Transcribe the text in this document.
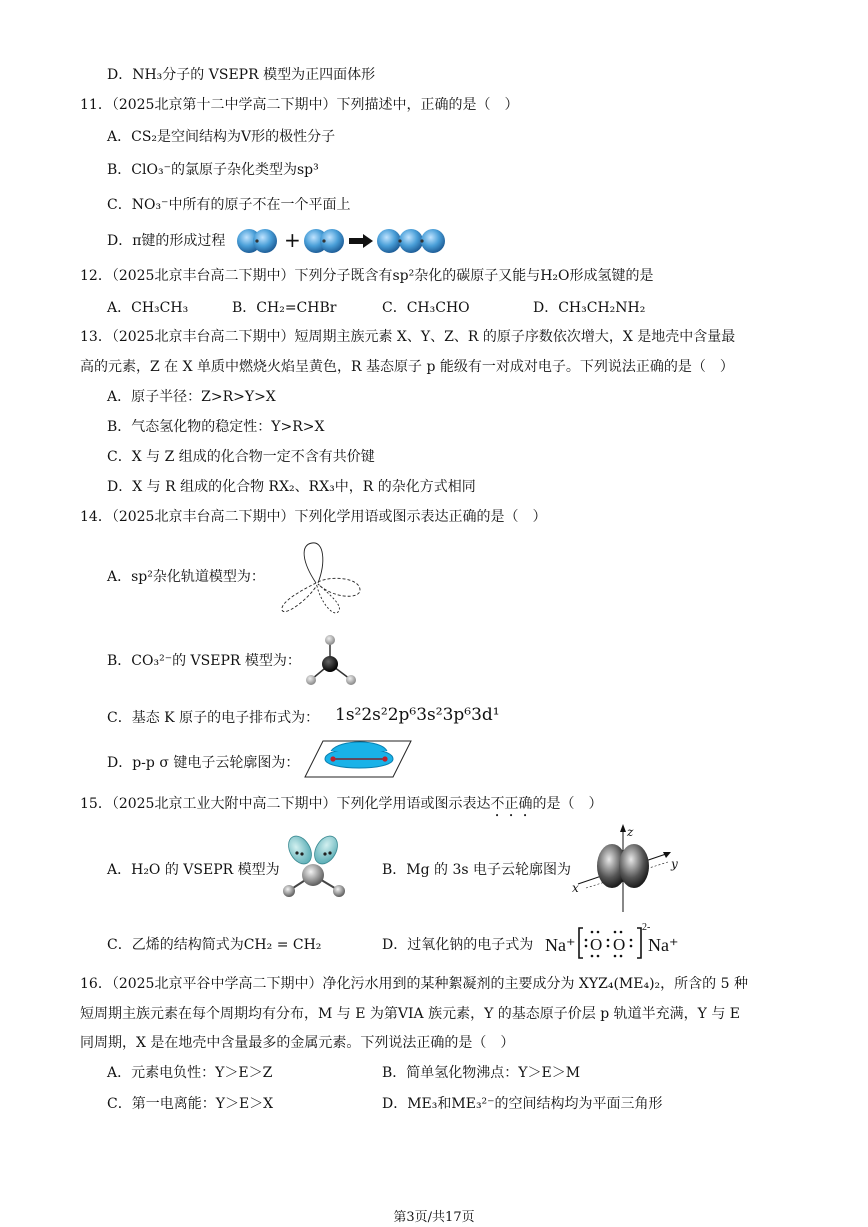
D．NH₃分子的 VSEPR 模型为正四面体形
11．（2025北京第十二中学高二下期中）下列描述中，正确的是（　）
A．CS₂是空间结构为V形的极性分子
B．ClO₃⁻的氯原子杂化类型为sp³
C．NO₃⁻中所有的原子不在一个平面上
D．π键的形成过程	+
12．（2025北京丰台高二下期中）下列分子既含有sp²杂化的碳原子又能与H₂O形成氢键的是
A．CH₃CH₃	B．CH₂=CHBr	C．CH₃CHO	D．CH₃CH₂NH₂
13．（2025北京丰台高二下期中）短周期主族元素 X、Y、Z、R 的原子序数依次增大，X 是地壳中含量最
高的元素，Z 在 X 单质中燃烧火焰呈黄色，R 基态原子 p 能级有一对成对电子。下列说法正确的是（　）
A．原子半径：Z>R>Y>X
B．气态氢化物的稳定性：Y>R>X
C．X 与 Z 组成的化合物一定不含有共价键
D．X 与 R 组成的化合物 RX₂、RX₃中，R 的杂化方式相同
14．（2025北京丰台高二下期中）下列化学用语或图示表达正确的是（　）
A．sp²杂化轨道模型为：
B．CO₃²⁻的 VSEPR 模型为：
C．基态 K 原子的电子排布式为： 1s²2s²2p⁶3s²3p⁶3d¹
D．p-p σ 键电子云轮廓图为：
15．（2025北京工业大附中高二下期中）下列化学用语或图示表达不正确的是（　）
A．H₂O 的 VSEPR 模型为	B．Mg 的 3s 电子云轮廓图为
z
y
x
C．乙烯的结构简式为CH₂ = CH₂	D．过氧化钠的电子式为 Na⁺ O O
2-
Na⁺
16．（2025北京平谷中学高二下期中）净化污水用到的某种絮凝剂的主要成分为 XYZ₄(ME₄)₂，所含的 5 种
短周期主族元素在每个周期均有分布，M 与 E 为第VIA 族元素，Y 的基态原子价层 p 轨道半充满，Y 与 E
同周期，X 是在地壳中含量最多的金属元素。下列说法正确的是（　）
A．元素电负性：Y＞E＞Z	B．简单氢化物沸点：Y＞E＞M
C．第一电离能：Y＞E＞X	D．ME₃和ME₃²⁻的空间结构均为平面三角形
第3页/共17页
